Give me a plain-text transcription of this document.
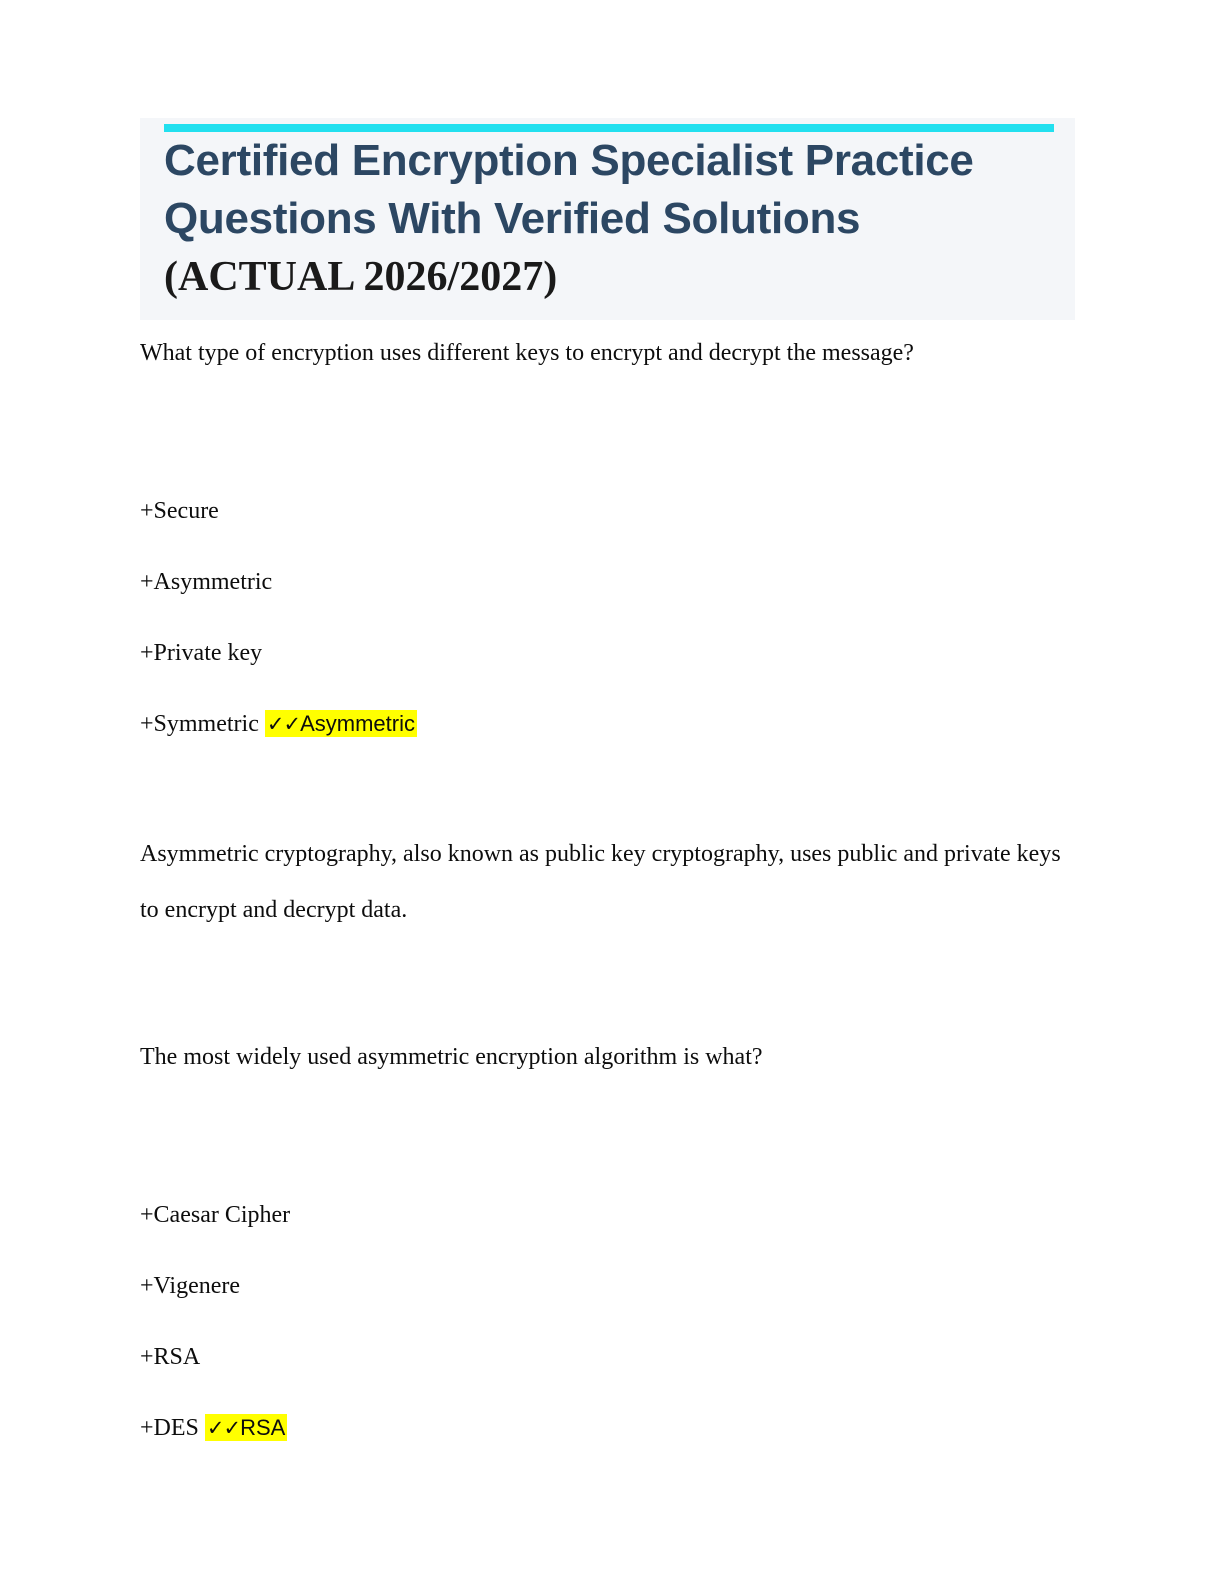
Certified Encryption Specialist Practice
Questions With Verified Solutions
(ACTUAL 2026/2027)
What type of encryption uses different keys to encrypt and decrypt the message?
+Secure
+Asymmetric
+Private key
+Symmetric ✓✓Asymmetric
Asymmetric cryptography, also known as public key cryptography, uses public and private keys to encrypt and decrypt data.
The most widely used asymmetric encryption algorithm is what?
+Caesar Cipher
+Vigenere
+RSA
+DES ✓✓RSA
